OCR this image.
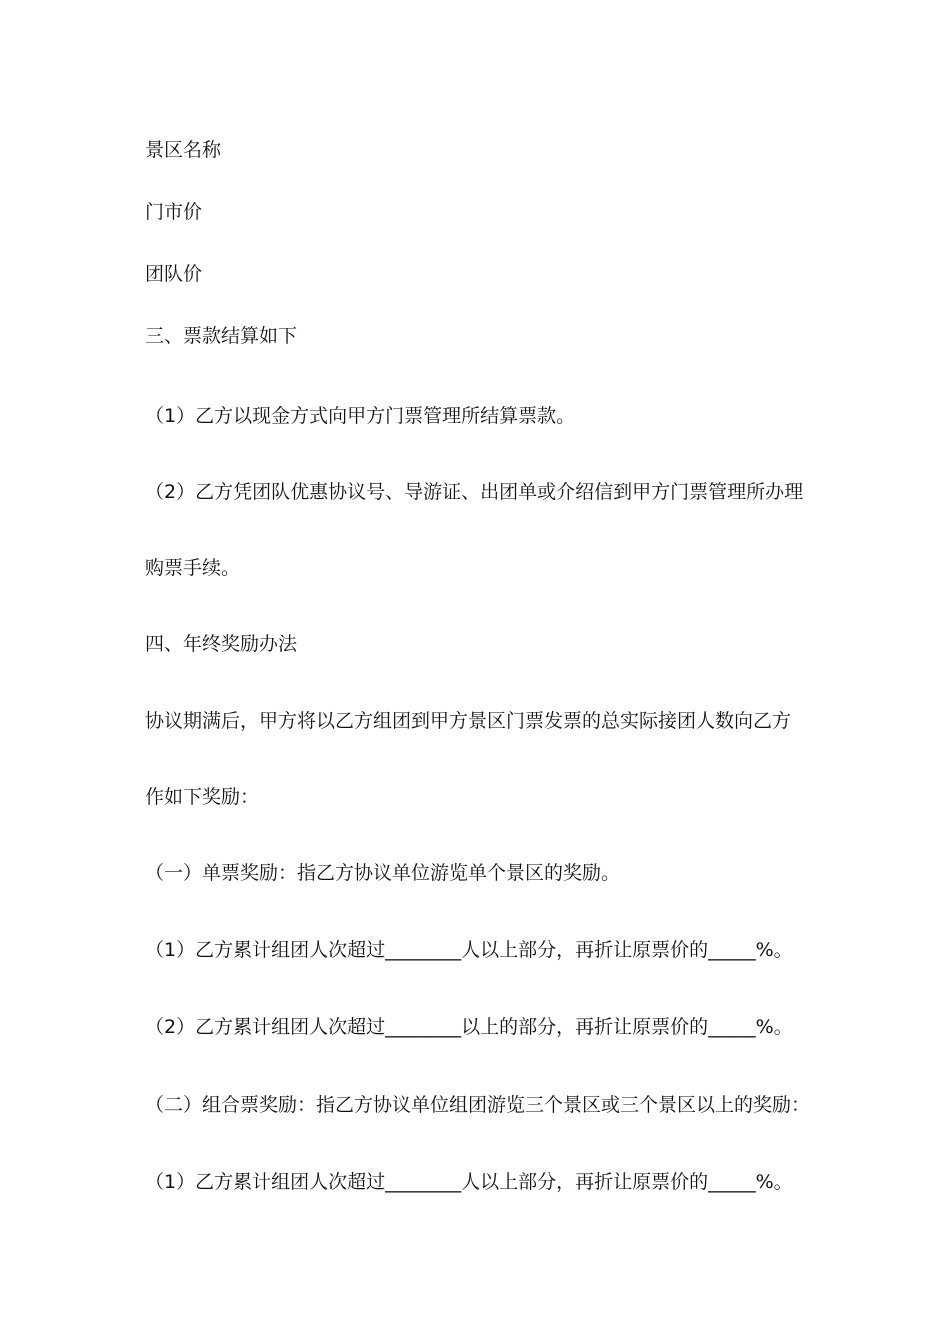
景区名称
门市价
团队价
三、票款结算如下
（1）乙方以现金方式向甲方门票管理所结算票款。
（2）乙方凭团队优惠协议号、导游证、出团单或介绍信到甲方门票管理所办理
购票手续。
四、年终奖励办法
协议期满后，甲方将以乙方组团到甲方景区门票发票的总实际接团人数向乙方
作如下奖励：
（一）单票奖励：指乙方协议单位游览单个景区的奖励。
（1）乙方累计组团人次超过________人以上部分，再折让原票价的_____%。
（2）乙方累计组团人次超过________以上的部分，再折让原票价的_____%。
（二）组合票奖励：指乙方协议单位组团游览三个景区或三个景区以上的奖励：
（1）乙方累计组团人次超过________人以上部分，再折让原票价的_____%。
